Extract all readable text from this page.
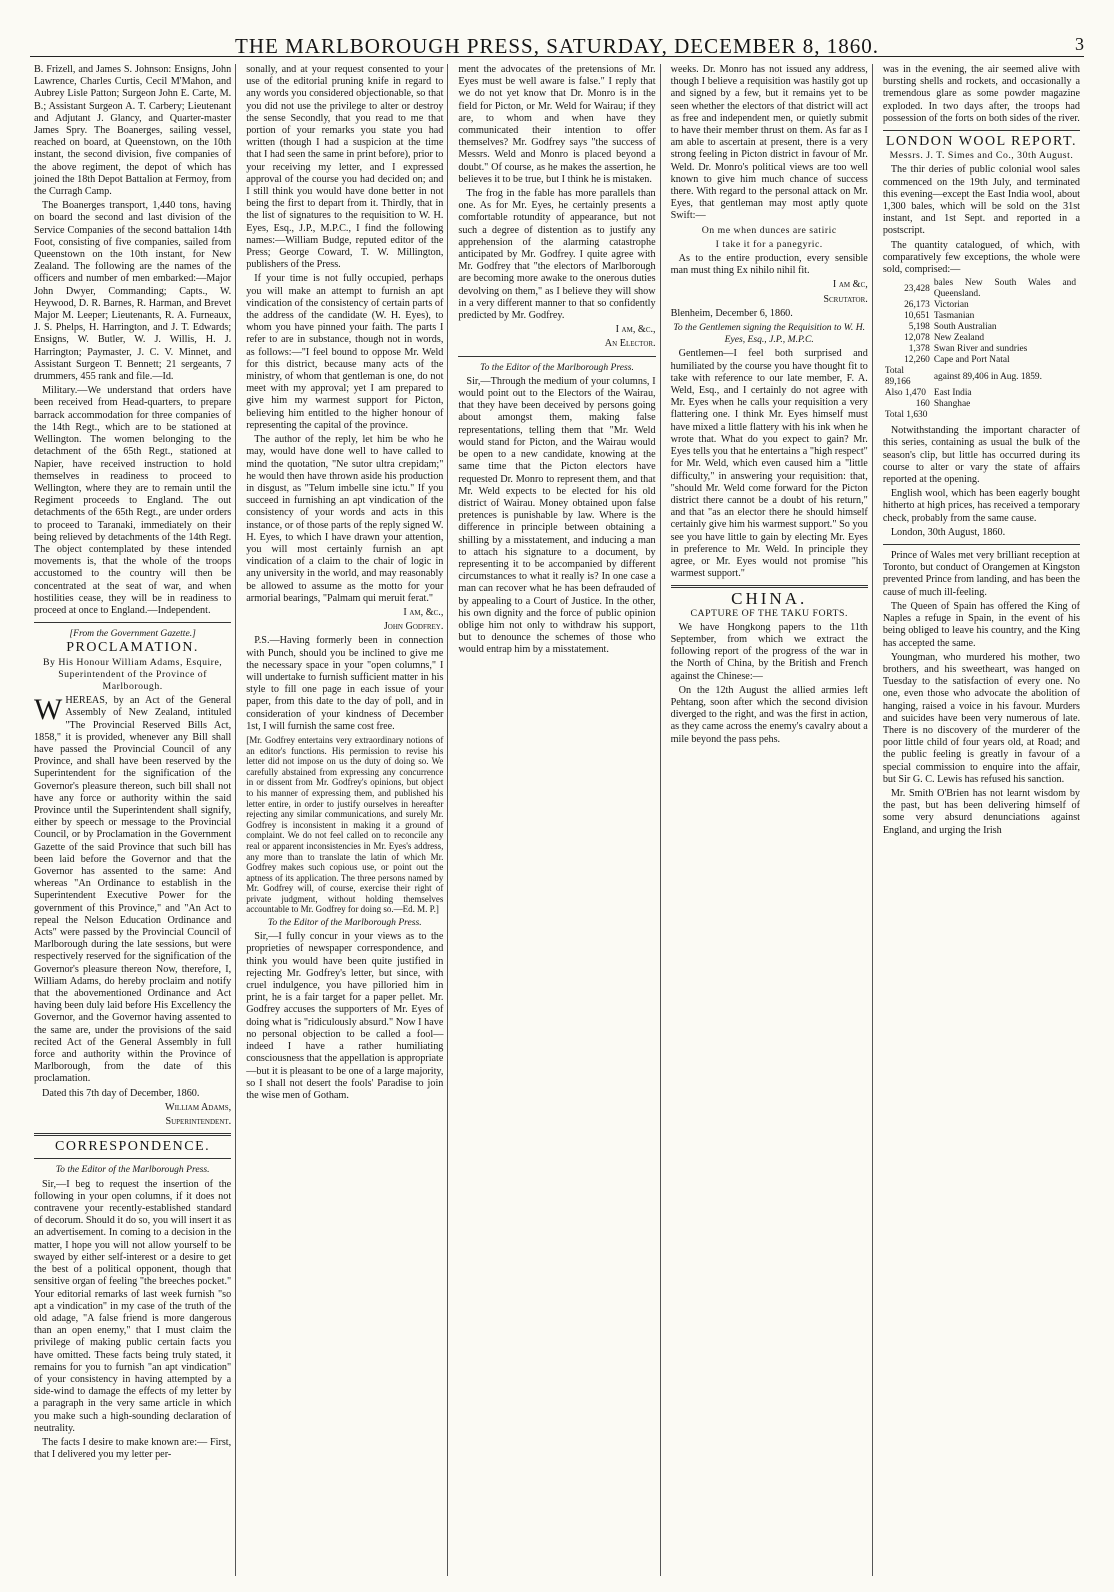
THE MARLBOROUGH PRESS, SATURDAY, DECEMBER 8, 1860.	3

B. Frizell, and James S. Johnson: Ensigns, John Lawrence, Charles Curtis, Cecil M'Mahon, and Aubrey Lisle Patton; Surgeon John E. Carte, M. B.; Assistant Surgeon A. T. Carbery; Lieutenant and Adjutant J. Glancy, and Quarter-master James Spry. The Boanerges, sailing vessel, reached on board, at Queenstown, on the 10th instant, the second division, five companies of the above regiment, the depot of which has joined the 18th Depot Battalion at Fermoy, from the Curragh Camp.

The Boanerges transport, 1,440 tons, having on board the second and last division of the Service Companies of the second battalion 14th Foot, consisting of five companies, sailed from Queenstown on the 10th instant, for New Zealand. The following are the names of the officers and number of men embarked:—Major John Dwyer, Commanding; Capts., W. Heywood, D. R. Barnes, R. Harman, and Brevet Major M. Leeper; Lieutenants, R. A. Furneaux, J. S. Phelps, H. Harrington, and J. T. Edwards; Ensigns, W. Butler, W. J. Willis, H. J. Harrington; Paymaster, J. C. V. Minnet, and Assistant Surgeon T. Bennett; 21 sergeants, 7 drummers, 455 rank and file.—Id.

Military.—We understand that orders have been received from Head-quarters, to prepare barrack accommodation for three companies of the 14th Regt., which are to be stationed at Wellington. The women belonging to the detachment of the 65th Regt., stationed at Napier, have received instruction to hold themselves in readiness to proceed to Wellington, where they are to remain until the Regiment proceeds to England. The out detachments of the 65th Regt., are under orders to proceed to Taranaki, immediately on their being relieved by detachments of the 14th Regt. The object contemplated by these intended movements is, that the whole of the troops accustomed to the country will then be concentrated at the seat of war, and when hostilities cease, they will be in readiness to proceed at once to England.—Independent.

[From the Government Gazette.]

PROCLAMATION.

By His Honour William Adams, Esquire, Superintendent of the Province of Marlborough.

WHEREAS, by an Act of the General Assembly of New Zealand, intituled "The Provincial Reserved Bills Act, 1858," it is provided, whenever any Bill shall have passed the Provincial Council of any Province, and shall have been reserved by the Superintendent for the signification of the Governor's pleasure thereon, such bill shall not have any force or authority within the said Province until the Superintendent shall signify, either by speech or message to the Provincial Council, or by Proclamation in the Government Gazette of the said Province that such bill has been laid before the Governor and that the Governor has assented to the same: And whereas "An Ordinance to establish in the Superintendent Executive Power for the government of this Province," and "An Act to repeal the Nelson Education Ordinance and Acts" were passed by the Provincial Council of Marlborough during the late sessions, but were respectively reserved for the signification of the Governor's pleasure thereon Now, therefore, I, William Adams, do hereby proclaim and notify that the abovementioned Ordinance and Act having been duly laid before His Excellency the Governor, and the Governor having assented to the same are, under the provisions of the said recited Act of the General Assembly in full force and authority within the Province of Marlborough, from the date of this proclamation.

Dated this 7th day of December, 1860.

William Adams,

Superintendent.

CORRESPONDENCE.

To the Editor of the Marlborough Press.

Sir,—I beg to request the insertion of the following in your open columns, if it does not contravene your recently-established standard of decorum. Should it do so, you will insert it as an advertisement. In coming to a decision in the matter, I hope you will not allow yourself to be swayed by either self-interest or a desire to get the best of a political opponent, though that sensitive organ of feeling "the breeches pocket." Your editorial remarks of last week furnish "so apt a vindication" in my case of the truth of the old adage, "A false friend is more dangerous than an open enemy," that I must claim the privilege of making public certain facts you have omitted. These facts being truly stated, it remains for you to furnish "an apt vindication" of your consistency in having attempted by a side-wind to damage the effects of my letter by a paragraph in the very same article in which you make such a high-sounding declaration of neutrality.

The facts I desire to make known are:— First, that I delivered you my letter per-

sonally, and at your request consented to your use of the editorial pruning knife in regard to any words you considered objectionable, so that you did not use the privilege to alter or destroy the sense Secondly, that you read to me that portion of your remarks you state you had written (though I had a suspicion at the time that I had seen the same in print before), prior to your receiving my letter, and I expressed approval of the course you had decided on; and I still think you would have done better in not being the first to depart from it. Thirdly, that in the list of signatures to the requisition to W. H. Eyes, Esq., J.P., M.P.C., I find the following names:—William Budge, reputed editor of the Press; George Coward, T. W. Millington, publishers of the Press.

If your time is not fully occupied, perhaps you will make an attempt to furnish an apt vindication of the consistency of certain parts of the address of the candidate (W. H. Eyes), to whom you have pinned your faith. The parts I refer to are in substance, though not in words, as follows:—"I feel bound to oppose Mr. Weld for this district, because many acts of the ministry, of whom that gentleman is one, do not meet with my approval; yet I am prepared to give him my warmest support for Picton, believing him entitled to the higher honour of representing the capital of the province.

The author of the reply, let him be who he may, would have done well to have called to mind the quotation, "Ne sutor ultra crepidam;" he would then have thrown aside his production in disgust, as "Telum imbelle sine ictu." If you succeed in furnishing an apt vindication of the consistency of your words and acts in this instance, or of those parts of the reply signed W. H. Eyes, to which I have drawn your attention, you will most certainly furnish an apt vindication of a claim to the chair of logic in any university in the world, and may reasonably be allowed to assume as the motto for your armorial bearings, "Palmam qui meruit ferat."

I am, &c.,

John Godfrey.

P.S.—Having formerly been in connection with Punch, should you be inclined to give me the necessary space in your "open columns," I will undertake to furnish sufficient matter in his style to fill one page in each issue of your paper, from this date to the day of poll, and in consideration of your kindness of December 1st, I will furnish the same cost free.

[Mr. Godfrey entertains very extraordinary notions of an editor's functions. His permission to revise his letter did not impose on us the duty of doing so. We carefully abstained from expressing any concurrence in or dissent from Mr. Godfrey's opinions, but object to his manner of expressing them, and published his letter entire, in order to justify ourselves in hereafter rejecting any similar communications, and surely Mr. Godfrey is inconsistent in making it a ground of complaint. We do not feel called on to reconcile any real or apparent inconsistencies in Mr. Eyes's address, any more than to translate the latin of which Mr. Godfrey makes such copious use, or point out the aptness of its application. The three persons named by Mr. Godfrey will, of course, exercise their right of private judgment, without holding themselves accountable to Mr. Godfrey for doing so.—Ed. M. P.]

To the Editor of the Marlborough Press.

Sir,—I fully concur in your views as to the proprieties of newspaper correspondence, and think you would have been quite justified in rejecting Mr. Godfrey's letter, but since, with cruel indulgence, you have pilloried him in print, he is a fair target for a paper pellet. Mr. Godfrey accuses the supporters of Mr. Eyes of doing what is "ridiculously absurd." Now I have no personal objection to be called a fool—indeed I have a rather humiliating consciousness that the appellation is appropriate—but it is pleasant to be one of a large majority, so I shall not desert the fools' Paradise to join the wise men of Gotham.

ment the advocates of the pretensions of Mr. Eyes must be well aware is false." I reply that we do not yet know that Dr. Monro is in the field for Picton, or Mr. Weld for Wairau; if they are, to whom and when have they communicated their intention to offer themselves? Mr. Godfrey says "the success of Messrs. Weld and Monro is placed beyond a doubt." Of course, as he makes the assertion, he believes it to be true, but I think he is mistaken.

The frog in the fable has more parallels than one. As for Mr. Eyes, he certainly presents a comfortable rotundity of appearance, but not such a degree of distention as to justify any apprehension of the alarming catastrophe anticipated by Mr. Godfrey. I quite agree with Mr. Godfrey that "the electors of Marlborough are becoming more awake to the onerous duties devolving on them," as I believe they will show in a very different manner to that so confidently predicted by Mr. Godfrey.

I am, &c.,

An Elector.

To the Editor of the Marlborough Press.

Sir,—Through the medium of your columns, I would point out to the Electors of the Wairau, that they have been deceived by persons going about amongst them, making false representations, telling them that "Mr. Weld would stand for Picton, and the Wairau would be open to a new candidate, knowing at the same time that the Picton electors have requested Dr. Monro to represent them, and that Mr. Weld expects to be elected for his old district of Wairau. Money obtained upon false pretences is punishable by law. Where is the difference in principle between obtaining a shilling by a misstatement, and inducing a man to attach his signature to a document, by representing it to be accompanied by different circumstances to what it really is? In one case a man can recover what he has been defrauded of by appealing to a Court of Justice. In the other, his own dignity and the force of public opinion oblige him not only to withdraw his support, but to denounce the schemes of those who would entrap him by a misstatement.

weeks. Dr. Monro has not issued any address, though I believe a requisition was hastily got up and signed by a few, but it remains yet to be seen whether the electors of that district will act as free and independent men, or quietly submit to have their member thrust on them. As far as I am able to ascertain at present, there is a very strong feeling in Picton district in favour of Mr. Weld. Dr. Monro's political views are too well known to give him much chance of success there. With regard to the personal attack on Mr. Eyes, that gentleman may most aptly quote Swift:—

On me when dunces are satiric

I take it for a panegyric.

As to the entire production, every sensible man must thing Ex nihilo nihil fit.

I am &c,

Scrutator.

Blenheim, December 6, 1860.

To the Gentlemen signing the Requisition to W. H. Eyes, Esq., J.P., M.P.C.

Gentlemen—I feel both surprised and humiliated by the course you have thought fit to take with reference to our late member, F. A. Weld, Esq., and I certainly do not agree with Mr. Eyes when he calls your requisition a very flattering one. I think Mr. Eyes himself must have mixed a little flattery with his ink when he wrote that. What do you expect to gain? Mr. Eyes tells you that he entertains a "high respect" for Mr. Weld, which even caused him a "little difficulty," in answering your requisition: that, "should Mr. Weld come forward for the Picton district there cannot be a doubt of his return," and that "as an elector there he should himself certainly give him his warmest support." So you see you have little to gain by electing Mr. Eyes in preference to Mr. Weld. In principle they agree, or Mr. Eyes would not promise "his warmest support."

CHINA.

CAPTURE OF THE TAKU FORTS.

We have Hongkong papers to the 11th September, from which we extract the following report of the progress of the war in the North of China, by the British and French against the Chinese:—

On the 12th August the allied armies left Pehtang, soon after which the second division diverged to the right, and was the first in action, as they came across the enemy's cavalry about a mile beyond the pass pehs.

was in the evening, the air seemed alive with bursting shells and rockets, and occasionally a tremendous glare as some powder magazine exploded. In two days after, the troops had possession of the forts on both sides of the river.

LONDON WOOL REPORT.

Messrs. J. T. Simes and Co., 30th August.

The thir deries of public colonial wool sales commenced on the 19th July, and terminated this evening—except the East India wool, about 1,300 bales, which will be sold on the 31st instant, and 1st Sept. and reported in a postscript.

The quantity catalogued, of which, with comparatively few exceptions, the whole were sold, comprised:—

23,428	bales New South Wales and Queensland.
26,173	Victorian
10,651	Tasmanian
5,198	South Australian
12,078	New Zealand
1,378	Swan River and sundries
12,260	Cape and Port Natal
Total 89,166	against 89,406 in Aug. 1859.
Also 1,470	East India
160	Shanghae
Total 1,630	

Notwithstanding the important character of this series, containing as usual the bulk of the season's clip, but little has occurred during its course to alter or vary the state of affairs reported at the opening.

English wool, which has been eagerly bought hitherto at high prices, has received a temporary check, probably from the same cause.

London, 30th August, 1860.

Prince of Wales met very brilliant reception at Toronto, but conduct of Orangemen at Kingston prevented Prince from landing, and has been the cause of much ill-feeling.

The Queen of Spain has offered the King of Naples a refuge in Spain, in the event of his being obliged to leave his country, and the King has accepted the same.

Youngman, who murdered his mother, two brothers, and his sweetheart, was hanged on Tuesday to the satisfaction of every one. No one, even those who advocate the abolition of hanging, raised a voice in his favour. Murders and suicides have been very numerous of late. There is no discovery of the murderer of the poor little child of four years old, at Road; and the public feeling is greatly in favour of a special commission to enquire into the affair, but Sir G. C. Lewis has refused his sanction.

Mr. Smith O'Brien has not learnt wisdom by the past, but has been delivering himself of some very absurd denunciations against England, and urging the Irish
